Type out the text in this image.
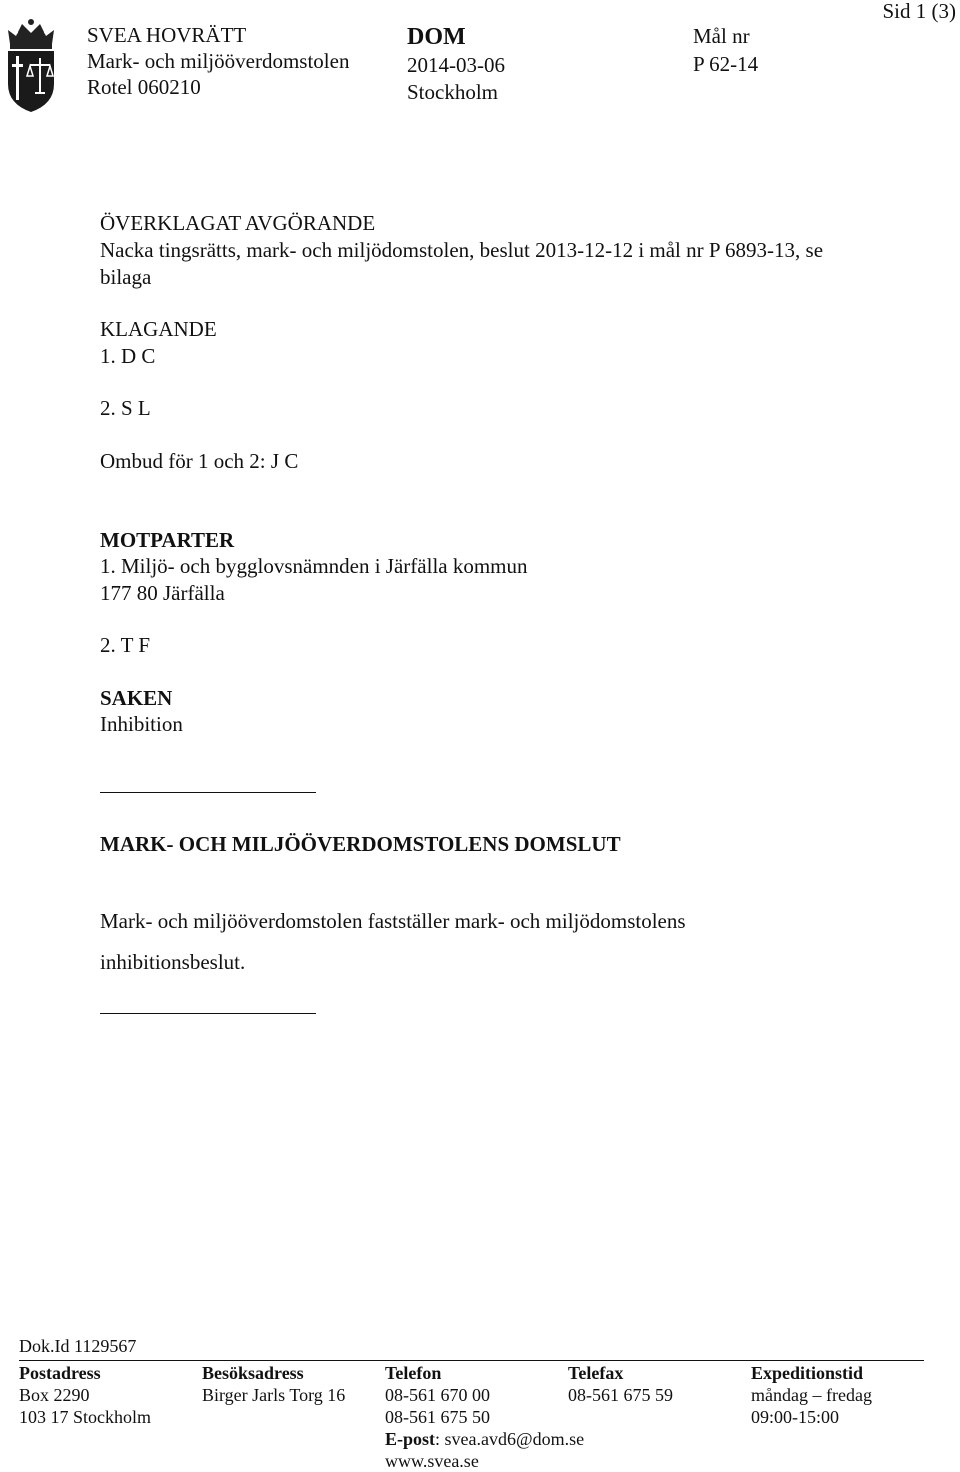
SVEA HOVRÄTT
Mark- och miljööverdomstolen
Rotel 060210
DOM
2014-03-06
Stockholm
Mål nr
P 62-14
Sid 1 (3)
ÖVERKLAGAT AVGÖRANDE
Nacka tingsrätts, mark- och miljödomstolen, beslut 2013-12-12 i mål nr P 6893-13, se
bilaga
KLAGANDE
1. D C
2. S L
Ombud för 1 och 2: J C
MOTPARTER
1. Miljö- och bygglovsnämnden i Järfälla kommun
177 80 Järfälla
2. T F
SAKEN
Inhibition
MARK- OCH MILJÖÖVERDOMSTOLENS DOMSLUT
Mark- och miljööverdomstolen fastställer mark- och miljödomstolens
inhibitionsbeslut.
Dok.Id 1129567
Postadress
Box 2290
103 17 Stockholm
Besöksadress
Birger Jarls Torg 16
Telefon
08-561 670 00
08-561 675 50
E-post: svea.avd6@dom.se
www.svea.se
Telefax
08-561 675 59
Expeditionstid
måndag – fredag
09:00-15:00
